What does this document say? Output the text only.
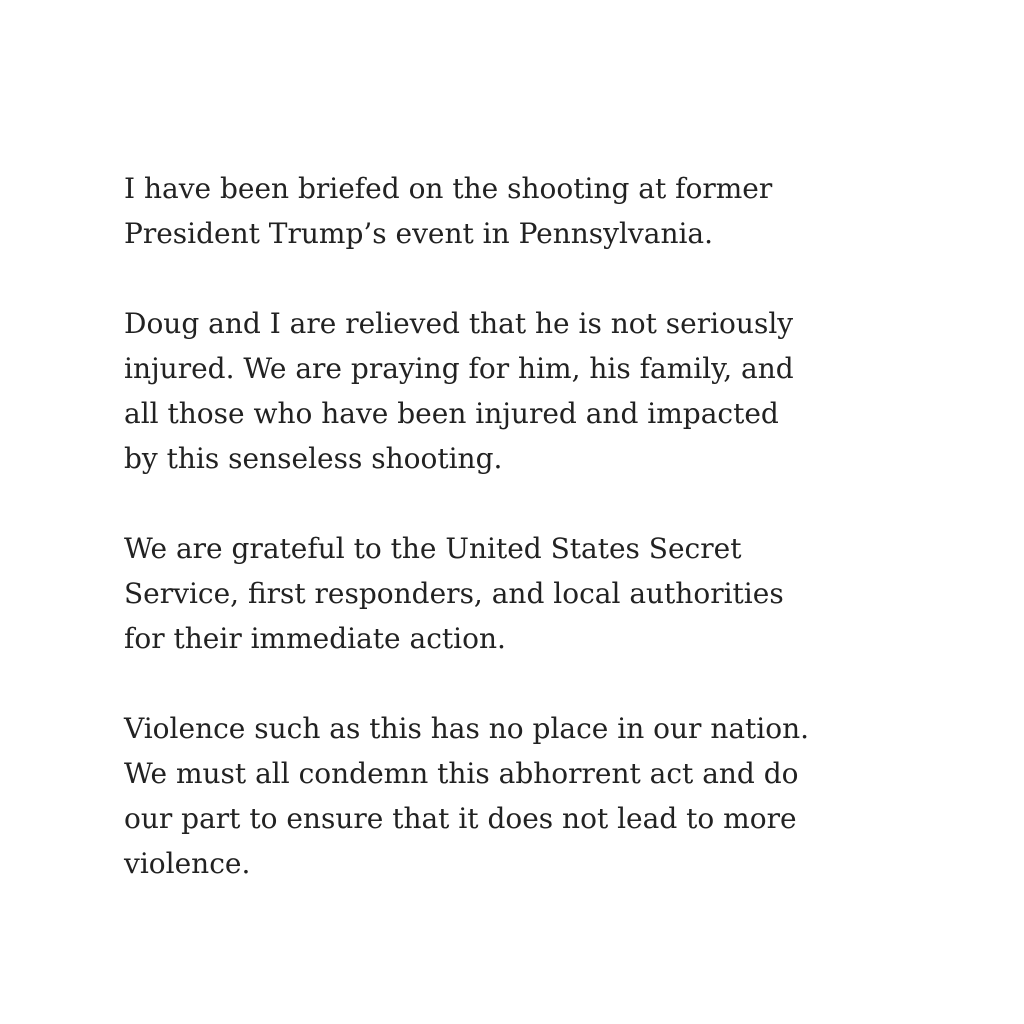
I have been briefed on the shooting at former
President Trump’s event in Pennsylvania.

Doug and I are relieved that he is not seriously
injured. We are praying for him, his family, and
all those who have been injured and impacted
by this senseless shooting.

We are grateful to the United States Secret
Service, first responders, and local authorities
for their immediate action.

Violence such as this has no place in our nation.
We must all condemn this abhorrent act and do
our part to ensure that it does not lead to more
violence.
